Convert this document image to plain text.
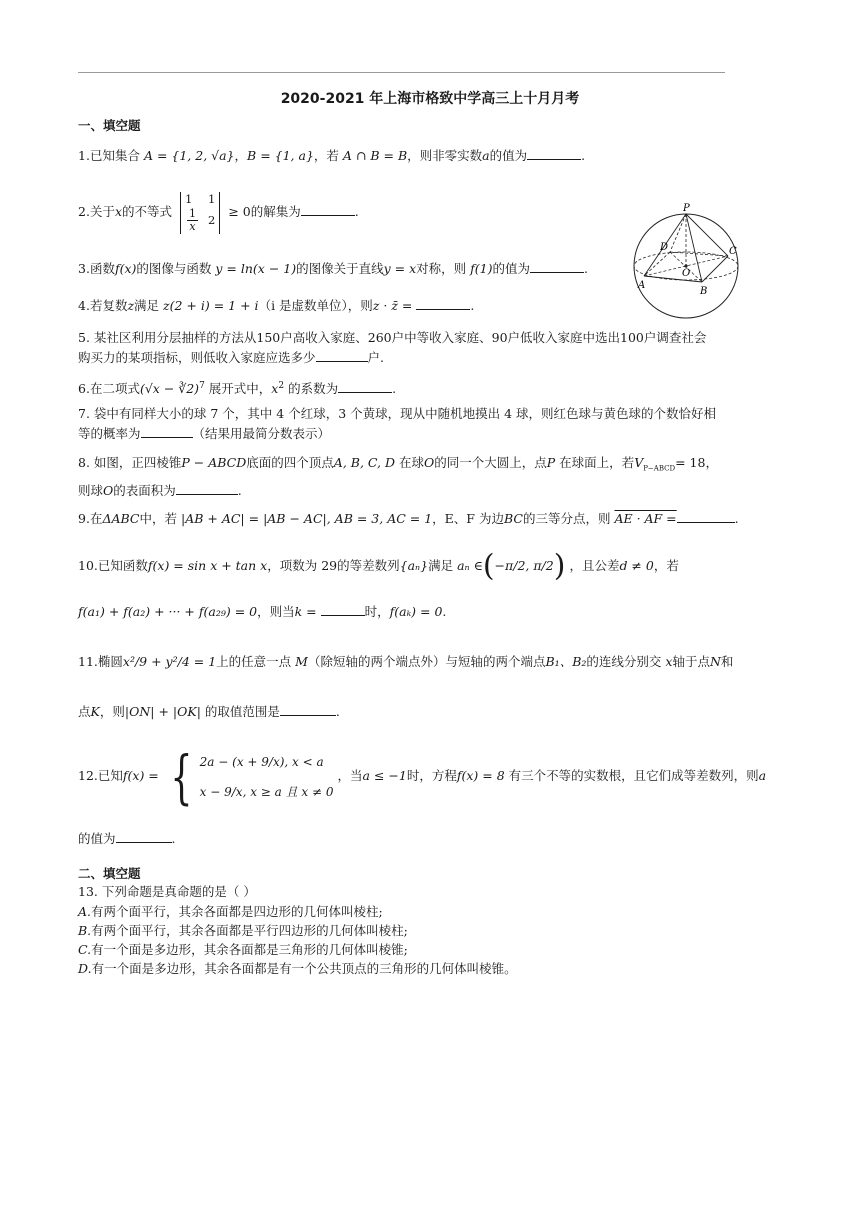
2020-2021 年上海市格致中学高三上十月月考
一、填空题
1.已知集合 A = {1, 2, √a}，B = {1, a}，若 A ∩ B = B，则非零实数a的值为	.
2.关于x的不等式 1	1

$\frac{1}{x}$	2 ≥ 0的解集为	.
3.函数f(x)的图像与函数 y = ln(x − 1)的图像关于直线y = x对称，则 f(1)的值为	.
4.若复数z满足 z(2 + i) = 1 + i（i 是虚数单位），则z · z̄ =	.
5. 某社区利用分层抽样的方法从150户高收入家庭、260户中等收入家庭、90户低收入家庭中选出100户调查社会
购买力的某项指标，则低收入家庭应选多少	户.
6.在二项式(√x − ∛2)$^7$ 展开式中，$x^2$ 的系数为	.
7. 袋中有同样大小的球 7 个，其中 4 个红球，3 个黄球，现从中随机地摸出 4 球，则红色球与黄色球的个数恰好相
等的概率为	（结果用最简分数表示）
8. 如图，正四棱锥P − ABCD底面的四个顶点A, B, C, D 在球O的同一个大圆上，点P 在球面上，若$V_{P-ABCD}= 18$，
则球O的表面积为	.
9.在ΔABC中，若 |AB + AC| = |AB − AC|, AB = 3, AC = 1，E、F 为边BC的三等分点，则 AE · AF =	.
10.已知函数f(x) = sin x + tan x，项数为 29的等差数列{aₙ}满足 aₙ ∈(−π/2, π/2) ，且公差d ≠ 0，若
f(a₁) + f(a₂) + ··· + f(a₂₉) = 0，则当k =	时，f(aₖ) = 0.
11.椭圆x²/9 + y²/4 = 1上的任意一点 M（除短轴的两个端点外）与短轴的两个端点B₁、B₂的连线分别交 x轴于点N和
点K，则|ON| + |OK| 的取值范围是	.
12.已知f(x) = { 2a − (x + 9/x), x < a
x − 9/x, x ≥ a 且 x ≠ 0
，当a ≤ −1时，方程f(x) = 8 有三个不等的实数根，且它们成等差数列，则a
的值为	.
二、填空题
13. 下列命题是真命题的是（ ）
A.有两个面平行，其余各面都是四边形的几何体叫棱柱;
B.有两个面平行，其余各面都是平行四边形的几何体叫棱柱;
C.有一个面是多边形，其余各面都是三角形的几何体叫棱锥;
D.有一个面是多边形，其余各面都是有一个公共顶点的三角形的几何体叫棱锥。
P
A
B
C
D
O
